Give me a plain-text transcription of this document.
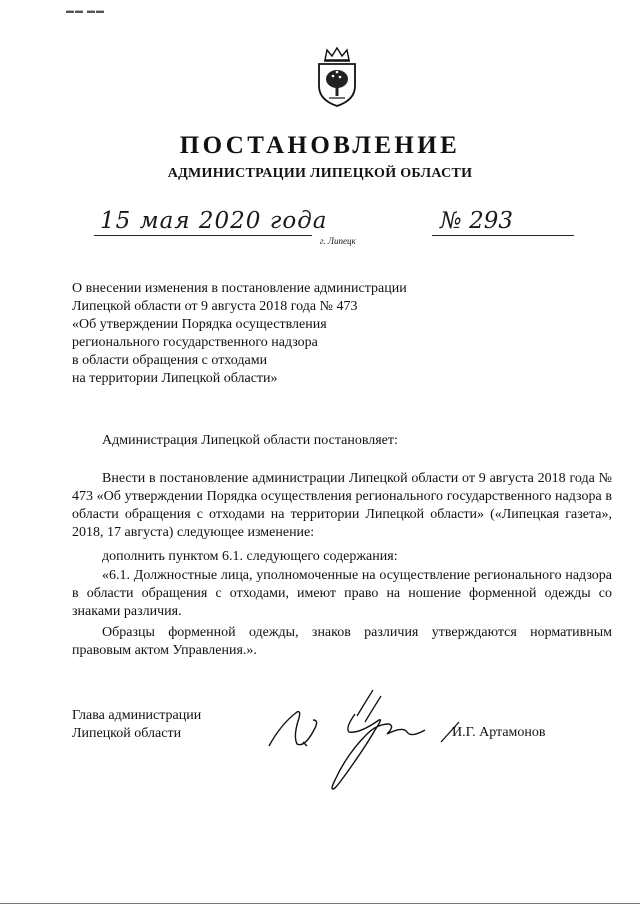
▬▬ ▬▬
ПОСТАНОВЛЕНИЕ
АДМИНИСТРАЦИИ ЛИПЕЦКОЙ ОБЛАСТИ
15 мая 2020 года
г. Липецк
№ 293
О внесении изменения в постановление администрации
Липецкой области от 9 августа 2018 года № 473
«Об утверждении Порядка осуществления
регионального государственного надзора
в области обращения с отходами
на территории Липецкой области»
Администрация Липецкой области постановляет:
Внести в постановление администрации Липецкой области от 9 августа 2018 года № 473 «Об утверждении Порядка осуществления регионального государственного надзора в области обращения с отходами на территории Липецкой области» («Липецкая газета», 2018, 17 августа) следующее изменение:
дополнить пунктом 6.1. следующего содержания:
«6.1. Должностные лица, уполномоченные на осуществление регионального надзора в области обращения с отходами, имеют право на ношение форменной одежды со знаками различия.
Образцы форменной одежды, знаков различия утверждаются нормативным правовым актом Управления.».
Глава администрации
Липецкой области	И.Г. Артамонов
